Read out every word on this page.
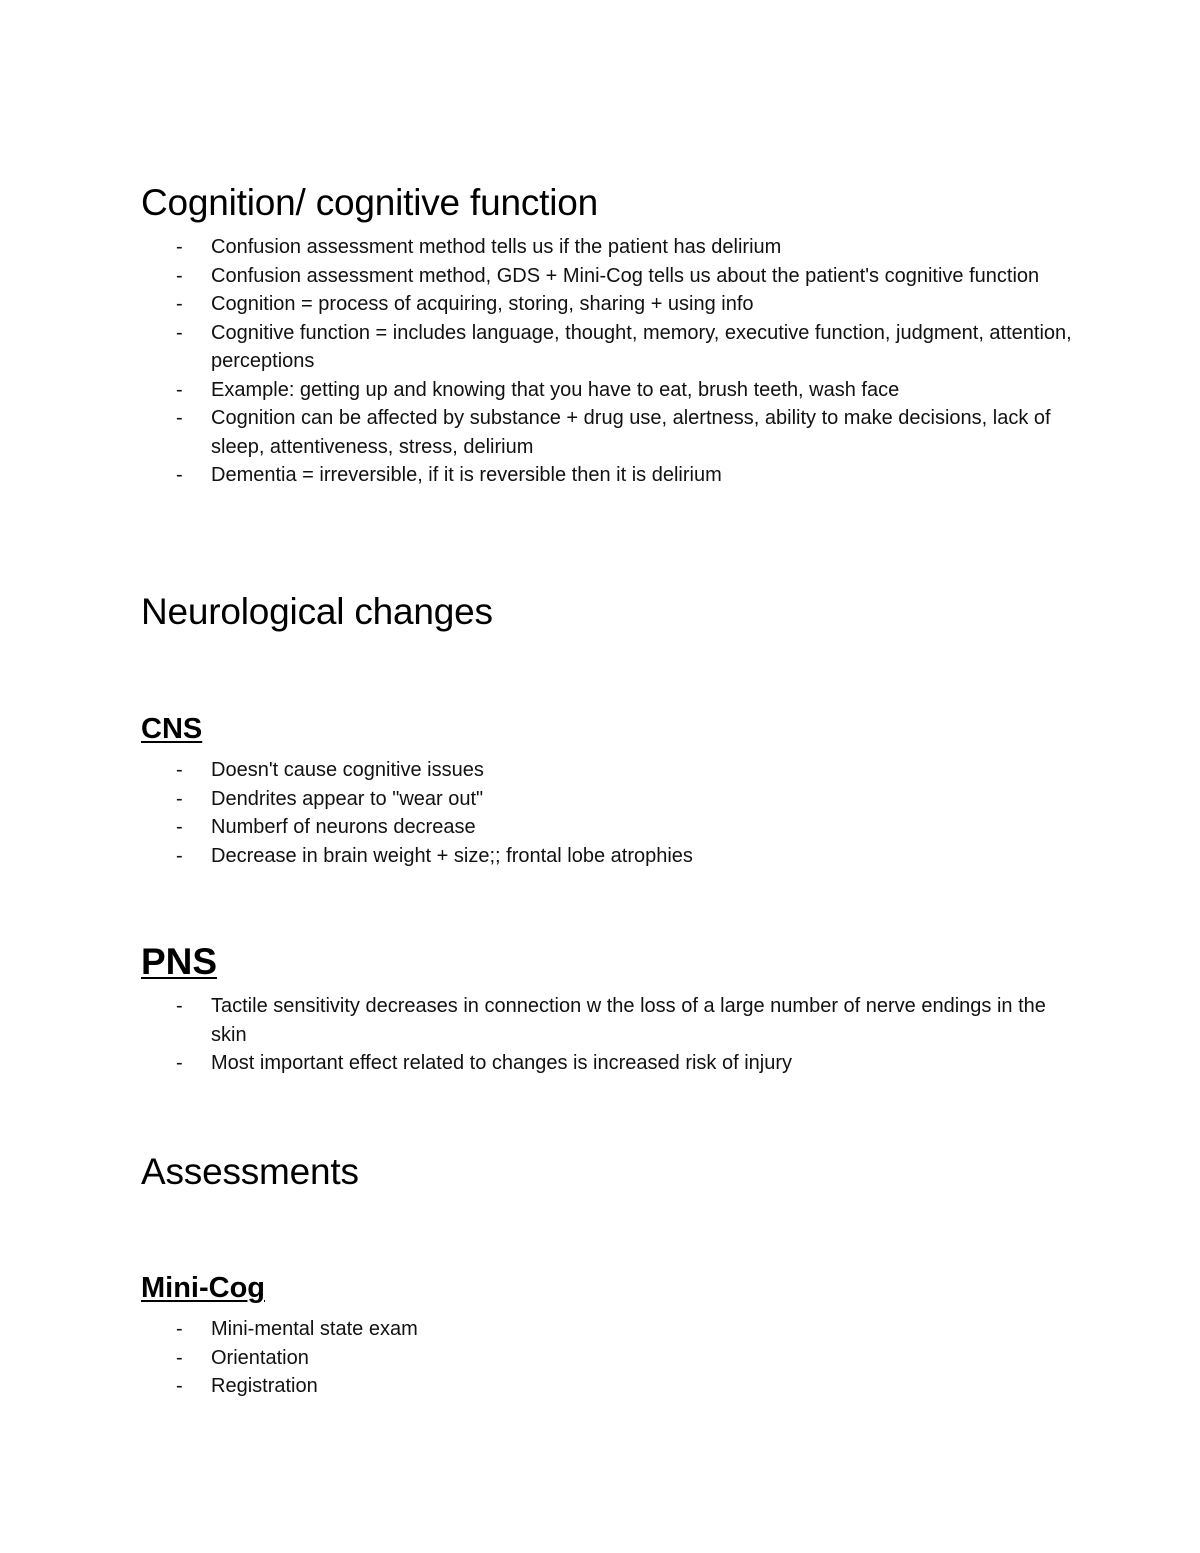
Cognition/ cognitive function
- Confusion assessment method tells us if the patient has delirium
- Confusion assessment method, GDS + Mini-Cog tells us about the patient's cognitive function
- Cognition = process of acquiring, storing, sharing + using info
- Cognitive function = includes language, thought, memory, executive function, judgment, attention, perceptions
- Example: getting up and knowing that you have to eat, brush teeth, wash face
- Cognition can be affected by substance + drug use, alertness, ability to make decisions, lack of sleep, attentiveness, stress, delirium
- Dementia = irreversible, if it is reversible then it is delirium
Neurological changes
CNS
- Doesn't cause cognitive issues
- Dendrites appear to "wear out"
- Numberf of neurons decrease
- Decrease in brain weight + size;; frontal lobe atrophies
PNS
- Tactile sensitivity decreases in connection w the loss of a large number of nerve endings in the skin
- Most important effect related to changes is increased risk of injury
Assessments
Mini-Cog
- Mini-mental state exam
- Orientation
- Registration
